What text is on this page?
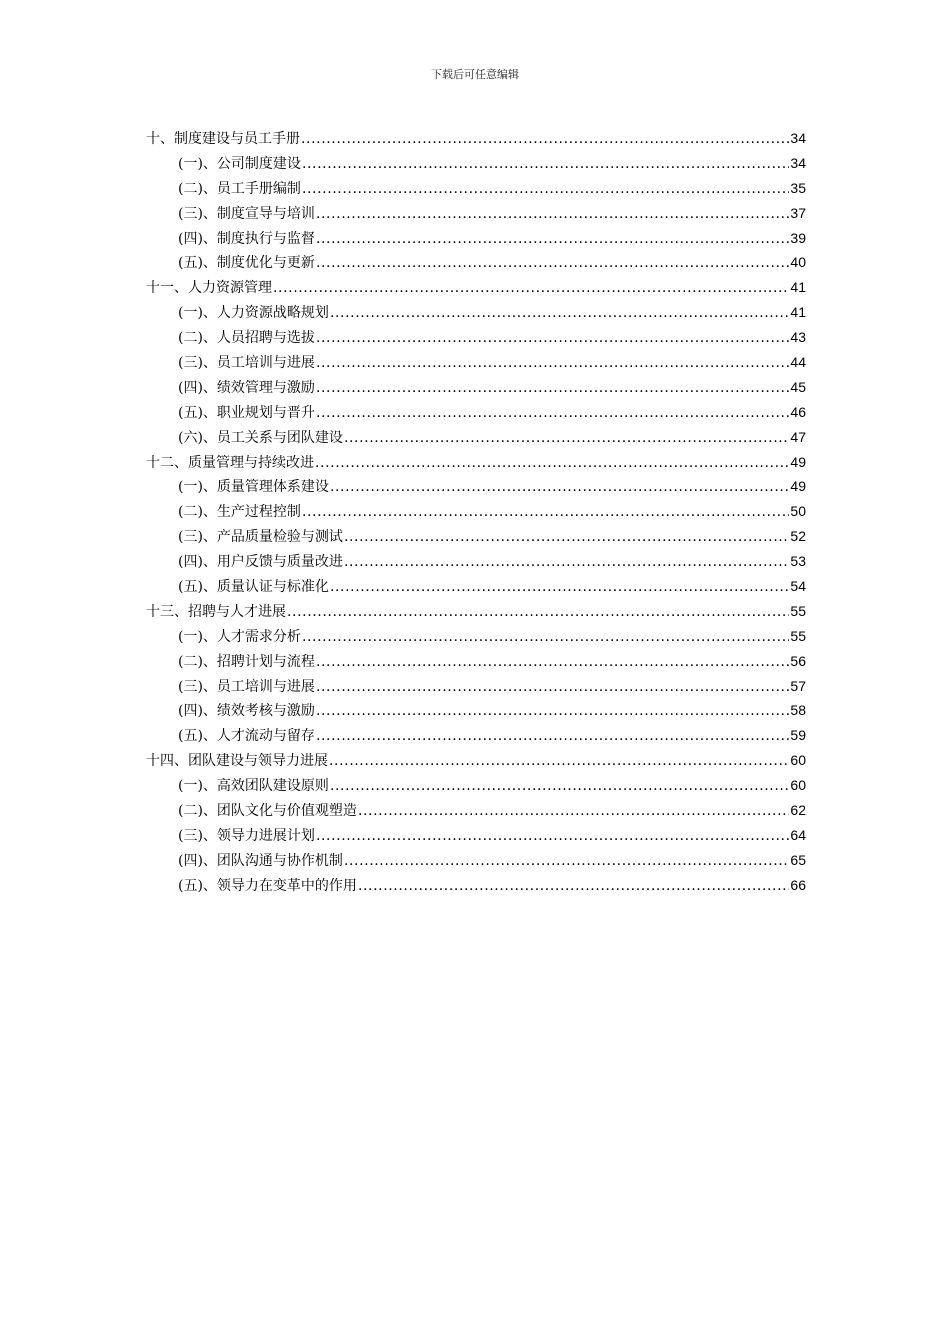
下载后可任意编辑
十、制度建设与员工手册 .....	34
(一)、公司制度建设 .....	34
(二)、员工手册编制 .....	35
(三)、制度宣导与培训 .....	37
(四)、制度执行与监督 .....	39
(五)、制度优化与更新 .....	40
十一、人力资源管理 .....	41
(一)、人力资源战略规划 .....	41
(二)、人员招聘与选拔 .....	43
(三)、员工培训与进展 .....	44
(四)、绩效管理与激励 .....	45
(五)、职业规划与晋升 .....	46
(六)、员工关系与团队建设 .....	47
十二、质量管理与持续改进 .....	49
(一)、质量管理体系建设 .....	49
(二)、生产过程控制 .....	50
(三)、产品质量检验与测试 .....	52
(四)、用户反馈与质量改进 .....	53
(五)、质量认证与标准化 .....	54
十三、招聘与人才进展 .....	55
(一)、人才需求分析 .....	55
(二)、招聘计划与流程 .....	56
(三)、员工培训与进展 .....	57
(四)、绩效考核与激励 .....	58
(五)、人才流动与留存 .....	59
十四、团队建设与领导力进展 .....	60
(一)、高效团队建设原则 .....	60
(二)、团队文化与价值观塑造 .....	62
(三)、领导力进展计划 .....	64
(四)、团队沟通与协作机制 .....	65
(五)、领导力在变革中的作用 .....	66
